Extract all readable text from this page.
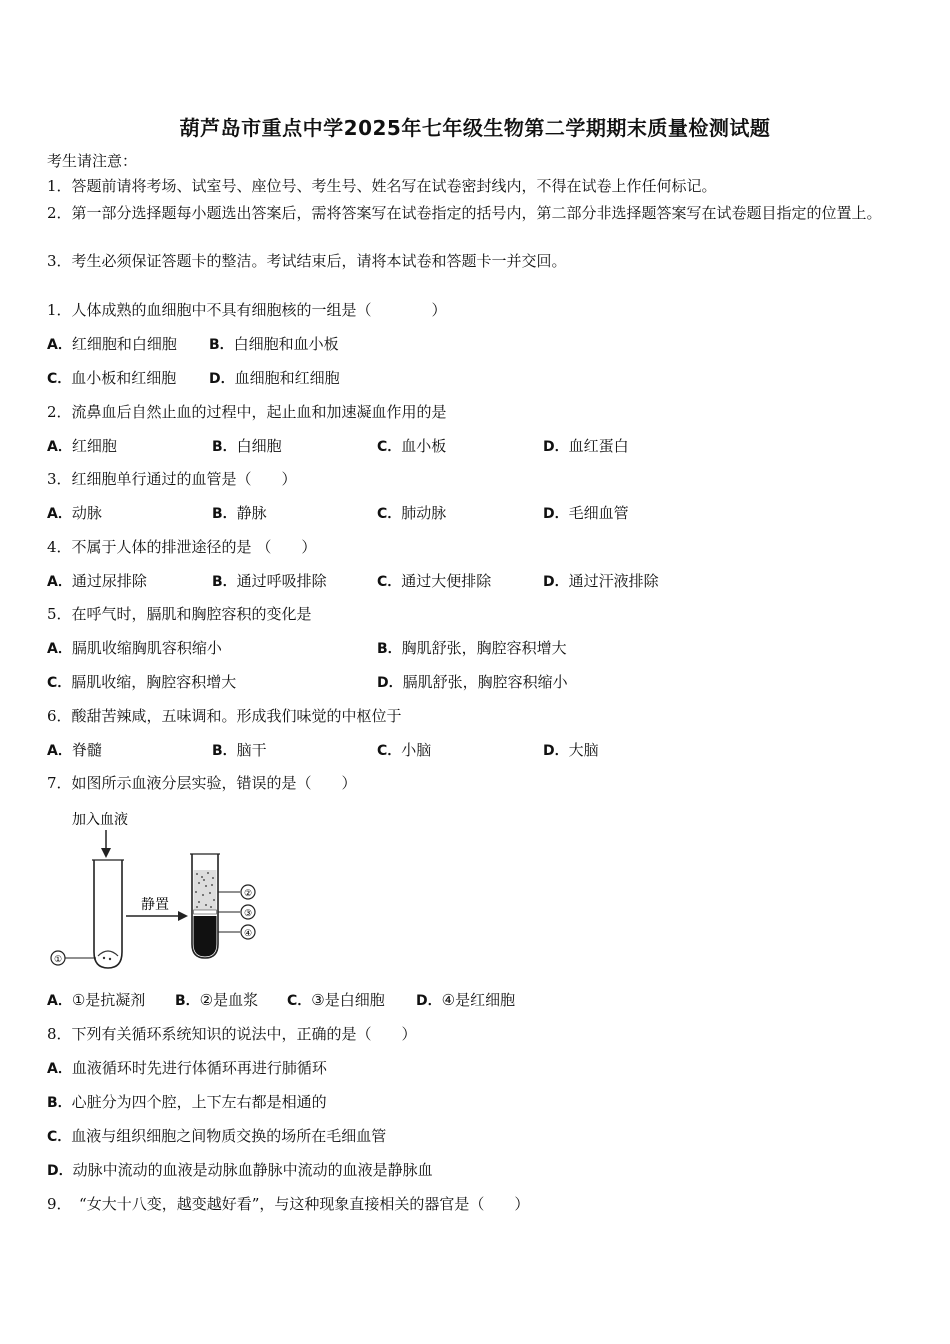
葫芦岛市重点中学2025年七年级生物第二学期期末质量检测试题
考生请注意：
1．答题前请将考场、试室号、座位号、考生号、姓名写在试卷密封线内，不得在试卷上作任何标记。
2．第一部分选择题每小题选出答案后，需将答案写在试卷指定的括号内，第二部分非选择题答案写在试卷题目指定的位置上。
3．考生必须保证答题卡的整洁。考试结束后，请将本试卷和答题卡一并交回。
1．人体成熟的血细胞中不具有细胞核的一组是（　　　　）
A．红细胞和白细胞 B．白细胞和血小板
C．血小板和红细胞 D．血细胞和红细胞
2．流鼻血后自然止血的过程中，起止血和加速凝血作用的是
A．红细胞	B．白细胞	C．血小板	D．血红蛋白
3．红细胞单行通过的血管是（　　）
A．动脉	B．静脉	C．肺动脉	D．毛细血管
4．不属于人体的排泄途径的是 （　　）
A．通过尿排除	B．通过呼吸排除	C．通过大便排除	D．通过汗液排除
5．在呼气时，膈肌和胸腔容积的变化是
A．膈肌收缩胸肌容积缩小	B．胸肌舒张，胸腔容积增大
C．膈肌收缩，胸腔容积增大	D．膈肌舒张，胸腔容积缩小
6．酸甜苦辣咸，五味调和。形成我们味觉的中枢位于
A．脊髓	B．脑干	C．小脑	D．大脑
7．如图所示血液分层实验，错误的是（　　）
加入血液
①
静置
②
③
④
A．①是抗凝剂 B．②是血浆 C．③是白细胞 D．④是红细胞
8．下列有关循环系统知识的说法中，正确的是（　　）
A．血液循环时先进行体循环再进行肺循环
B．心脏分为四个腔，上下左右都是相通的
C．血液与组织细胞之间物质交换的场所在毛细血管
D．动脉中流动的血液是动脉血静脉中流动的血液是静脉血
9．　“女大十八变，越变越好看”，与这种现象直接相关的器官是（　　）
